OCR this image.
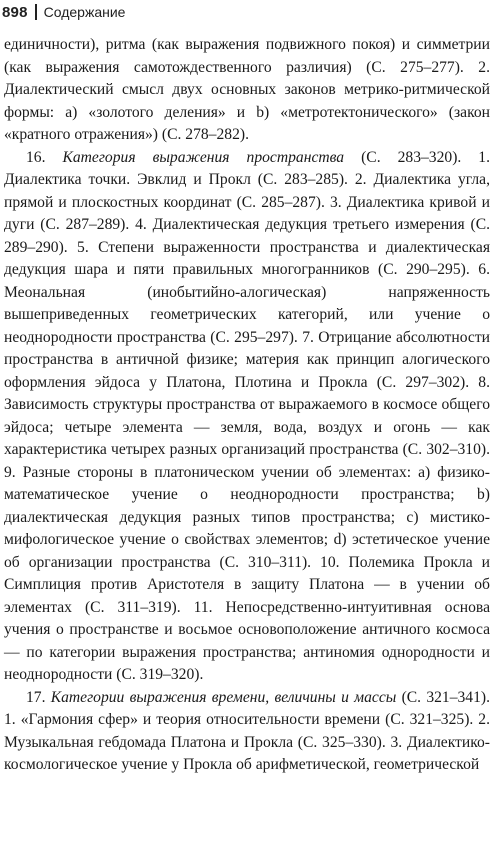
898 Содержание

единичности), ритма (как выражения подвижного покоя) и симметрии (как выражения самотождественного различия) (С. 275–277). 2. Диалектический смысл двух основных законов метрико-ритмической формы: a) «золотого деления» и b) «метротектонического» (закон «кратного отражения») (С. 278–282).

16. Категория выражения пространства (С. 283–320). 1. Диалектика точки. Эвклид и Прокл (С. 283–285). 2. Диалектика угла, прямой и плоскостных координат (С. 285–287). 3. Диалектика кривой и дуги (С. 287–289). 4. Диалектическая дедукция третьего измерения (С. 289–290). 5. Степени выраженности пространства и диалектическая дедукция шара и пяти правильных многогранников (С. 290–295). 6. Меональная (инобытийно-алогическая) напряженность вышеприведенных геометрических категорий, или учение о неоднородности пространства (С. 295–297). 7. Отрицание абсолютности пространства в античной физике; материя как принцип алогического оформления эйдоса у Платона, Плотина и Прокла (С. 297–302). 8. Зависимость структуры пространства от выражаемого в космосе общего эйдоса; четыре элемента — земля, вода, воздух и огонь — как характеристика четырех разных организаций пространства (С. 302–310). 9. Разные стороны в платоническом учении об элементах: a) физико-математическое учение о неоднородности пространства; b) диалектическая дедукция разных типов пространства; c) мистико-мифологическое учение о свойствах элементов; d) эстетическое учение об организации пространства (С. 310–311). 10. Полемика Прокла и Симплиция против Аристотеля в защиту Платона — в учении об элементах (С. 311–319). 11. Непосредственно-интуитивная основа учения о пространстве и восьмое основоположение античного космоса — по категории выражения пространства; антиномия однородности и неоднородности (С. 319–320).

17. Категории выражения времени, величины и массы (С. 321–341). 1. «Гармония сфер» и теория относительности времени (С. 321–325). 2. Музыкальная гебдомада Платона и Прокла (С. 325–330). 3. Диалектико-космологическое учение у Прокла об арифметической, геометрической
